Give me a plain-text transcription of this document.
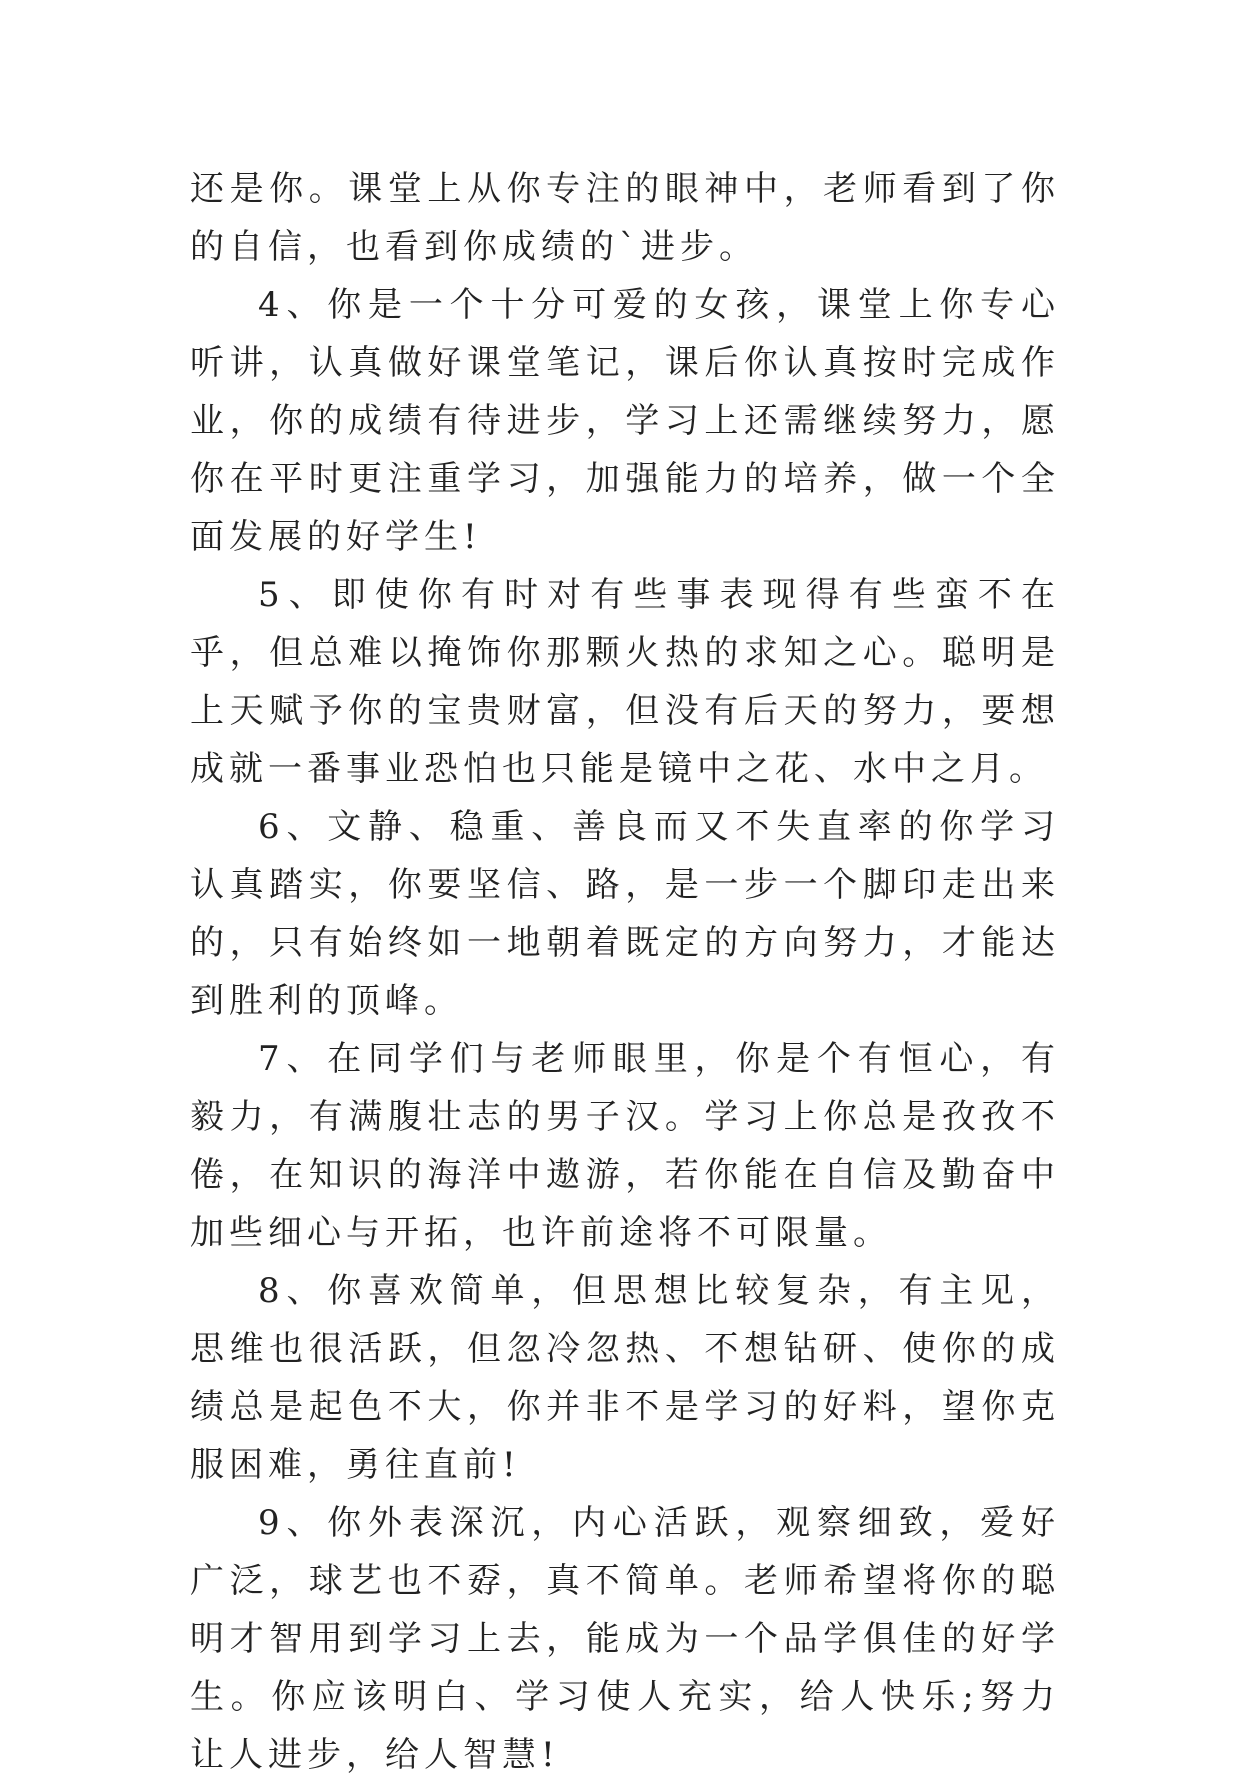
还是你。课堂上从你专注的眼神中，老师看到了你的自信，也看到你成绩的`进步。

4、你是一个十分可爱的女孩，课堂上你专心听讲，认真做好课堂笔记，课后你认真按时完成作业，你的成绩有待进步，学习上还需继续努力，愿你在平时更注重学习，加强能力的培养，做一个全面发展的好学生!

5、即使你有时对有些事表现得有些蛮不在乎，但总难以掩饰你那颗火热的求知之心。聪明是上天赋予你的宝贵财富，但没有后天的努力，要想成就一番事业恐怕也只能是镜中之花、水中之月。

6、文静、稳重、善良而又不失直率的你学习认真踏实，你要坚信、路，是一步一个脚印走出来的，只有始终如一地朝着既定的方向努力，才能达到胜利的顶峰。

7、在同学们与老师眼里，你是个有恒心，有毅力，有满腹壮志的男子汉。学习上你总是孜孜不倦，在知识的海洋中遨游，若你能在自信及勤奋中加些细心与开拓，也许前途将不可限量。

8、你喜欢简单，但思想比较复杂，有主见，思维也很活跃，但忽冷忽热、不想钻研、使你的成绩总是起色不大，你并非不是学习的好料，望你克服困难，勇往直前!

9、你外表深沉，内心活跃，观察细致，爱好广泛，球艺也不孬，真不简单。老师希望将你的聪明才智用到学习上去，能成为一个品学俱佳的好学生。你应该明白、学习使人充实，给人快乐;努力让人进步，给人智慧!
